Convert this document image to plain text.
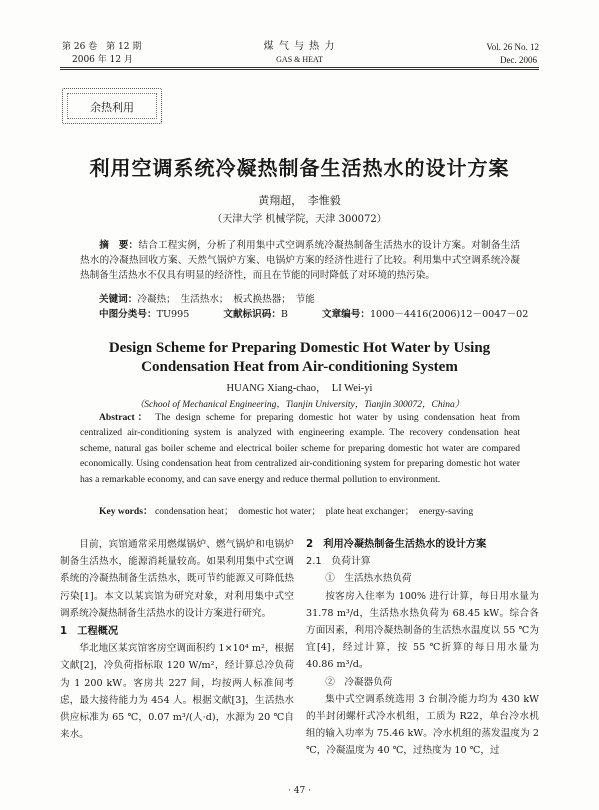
第 26 卷　第 12 期
2006 年 12 月
煤 气 与 热 力
GAS & HEAT
Vol. 26 No. 12
Dec. 2006
余热利用
利用空调系统冷凝热制备生活热水的设计方案
黄翔超，　李惟毅
（天津大学 机械学院，天津 300072）

摘　要：结合工程实例，分析了利用集中式空调系统冷凝热制备生活热水的设计方案。对制备生活热水的冷凝热回收方案、天然气锅炉方案、电锅炉方案的经济性进行了比较。利用集中式空调系统冷凝热制备生活热水不仅具有明显的经济性，而且在节能的同时降低了对环境的热污染。

关键词：冷凝热；　生活热水；　板式换热器；　节能
中图分类号：TU995	文献标识码：B	文章编号：1000－4416(2006)12－0047－02
Design Scheme for Preparing Domestic Hot Water by Using
Condensation Heat from Air-conditioning System
HUANG Xiang-chao，　LI Wei-yi
（School of Mechanical Engineering，Tianjin University，Tianjin 300072，China）
Abstract： The design scheme for preparing domestic hot water by using condensation heat from centralized air-conditioning system is analyzed with engineering example. The recovery condensation heat scheme, natural gas boiler scheme and electrical boiler scheme for preparing domestic hot water are compared economically. Using condensation heat from centralized air-conditioning system for preparing domestic hot water has a remarkable economy, and can save energy and reduce thermal pollution to environment.
Key words： condensation heat；　domestic hot water；　plate heat exchanger；　energy-saving

目前，宾馆通常采用燃煤锅炉、燃气锅炉和电锅炉制备生活热水，能源消耗量较高。如果利用集中式空调系统的冷凝热制备生活热水，既可节约能源又可降低热污染[1]。本文以某宾馆为研究对象，对利用集中式空调系统冷凝热制备生活热水的设计方案进行研究。

1　工程概况

华北地区某宾馆客房空调面积约 1×10⁴ m²，根据文献[2]，冷负荷指标取 120 W/m²，经计算总冷负荷为 1 200 kW。客房共 227 间，均按两人标准间考虑，最大接待能力为 454 人。根据文献[3]，生活热水供应标准为 65 ℃，0.07 m³/(人·d)，水源为 20 ℃自来水。

2　利用冷凝热制备生活热水的设计方案
2.1　负荷计算
①　生活热水热负荷

按客房入住率为 100% 进行计算，每日用水量为 31.78 m³/d，生活热水热负荷为 68.45 kW。综合各方面因素，利用冷凝热制备的生活热水温度以 55 ℃为宜[4]，经过计算，按 55 ℃折算的每日用水量为 40.86 m³/d。

②　冷凝器负荷

集中式空调系统选用 3 台制冷能力均为 430 kW 的半封闭螺杆式冷水机组，工质为 R22，单台冷水机组的输入功率为 75.46 kW。冷水机组的蒸发温度为 2 ℃，冷凝温度为 40 ℃，过热度为 10 ℃，过

· 47 ·
